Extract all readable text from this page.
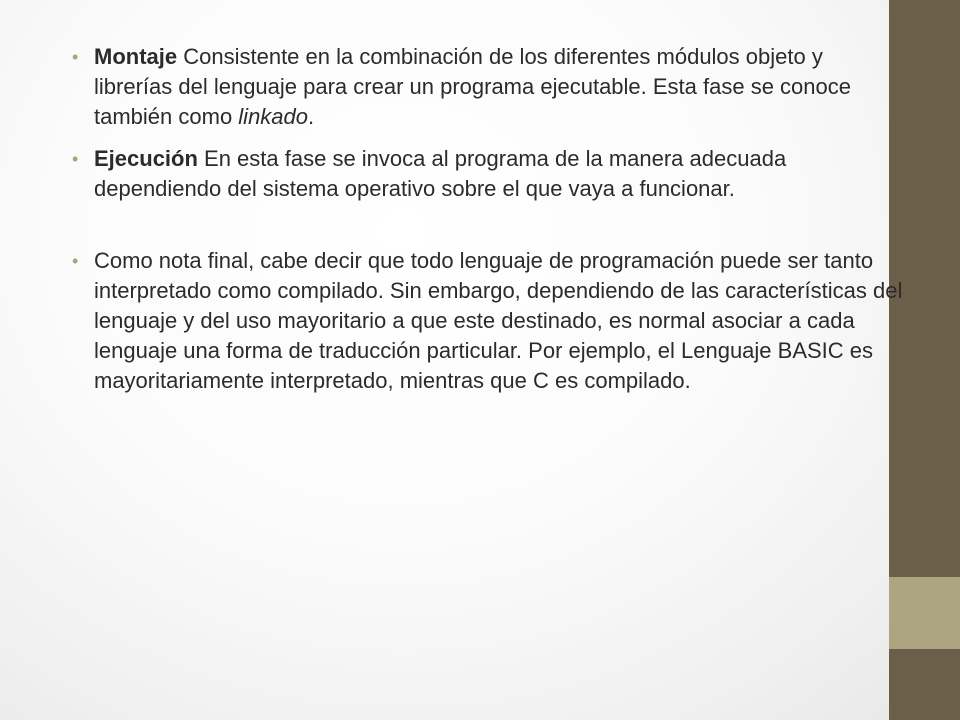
• Montaje Consistente en la combinación de los diferentes módulos objeto y librerías del lenguaje para crear un programa ejecutable. Esta fase se conoce también como linkado.

• Ejecución En esta fase se invoca al programa de la manera adecuada dependiendo del sistema operativo sobre el que vaya a funcionar.

• Como nota final, cabe decir que todo lenguaje de programación puede ser tanto interpretado como compilado. Sin embargo, dependiendo de las características del lenguaje y del uso mayoritario a que este destinado, es normal asociar a cada lenguaje una forma de traducción particular. Por ejemplo, el Lenguaje BASIC es mayoritariamente interpretado, mientras que C es compilado.
